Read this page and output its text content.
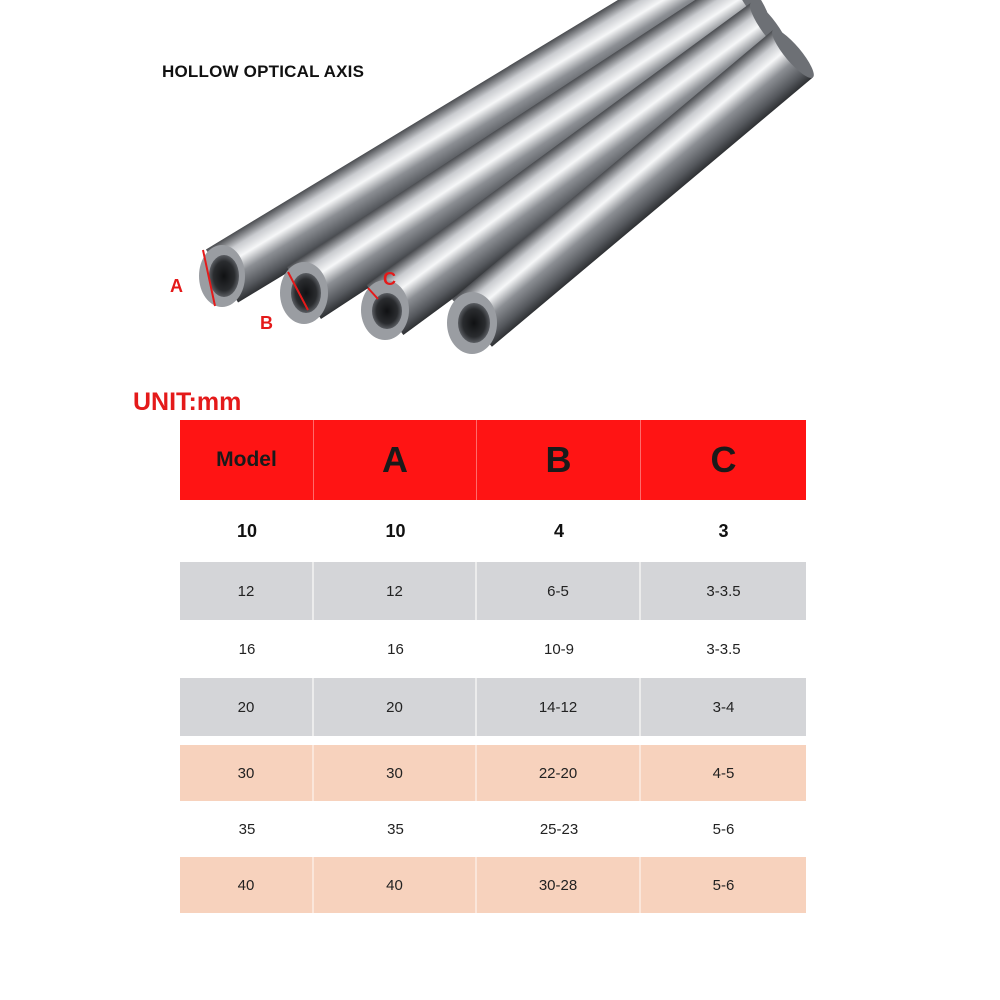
HOLLOW OPTICAL AXIS
A
B
C
UNIT:mm
Model	A	B	C
10	10	4	3
12	12	6-5	3-3.5
16	16	10-9	3-3.5
20	20	14-12	3-4
30	30	22-20	4-5
35	35	25-23	5-6
40	40	30-28	5-6
